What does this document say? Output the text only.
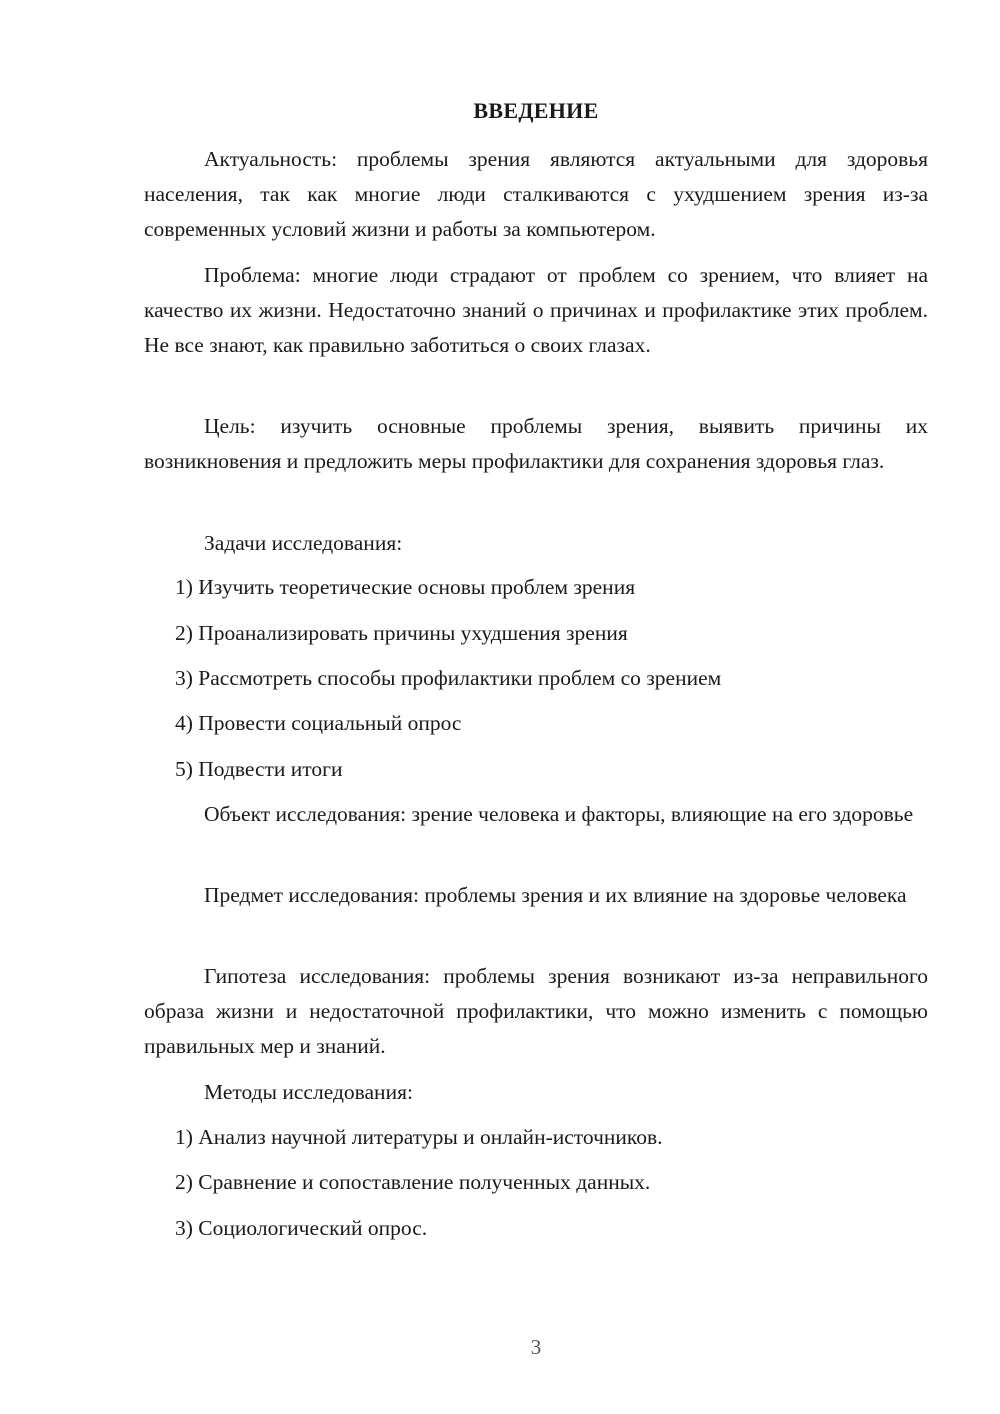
ВВЕДЕНИЕ

Актуальность: проблемы зрения являются актуальными для здоровья населения, так как многие люди сталкиваются с ухудшением зрения из-за современных условий жизни и работы за компьютером.

Проблема: многие люди страдают от проблем со зрением, что влияет на качество их жизни. Недостаточно знаний о причинах и профилактике этих проблем. Не все знают, как правильно заботиться о своих глазах.

Цель: изучить основные проблемы зрения, выявить причины их возникновения и предложить меры профилактики для сохранения здоровья глаз.

Задачи исследования:

1) Изучить теоретические основы проблем зрения

2) Проанализировать причины ухудшения зрения

3) Рассмотреть способы профилактики проблем со зрением

4) Провести социальный опрос

5) Подвести итоги

Объект исследования: зрение человека и факторы, влияющие на его здоровье

Предмет исследования: проблемы зрения и их влияние на здоровье человека

Гипотеза исследования: проблемы зрения возникают из-за неправильного образа жизни и недостаточной профилактики, что можно изменить с помощью правильных мер и знаний.

Методы исследования:

1) Анализ научной литературы и онлайн-источников.

2) Сравнение и сопоставление полученных данных.

3) Социологический опрос.

3
